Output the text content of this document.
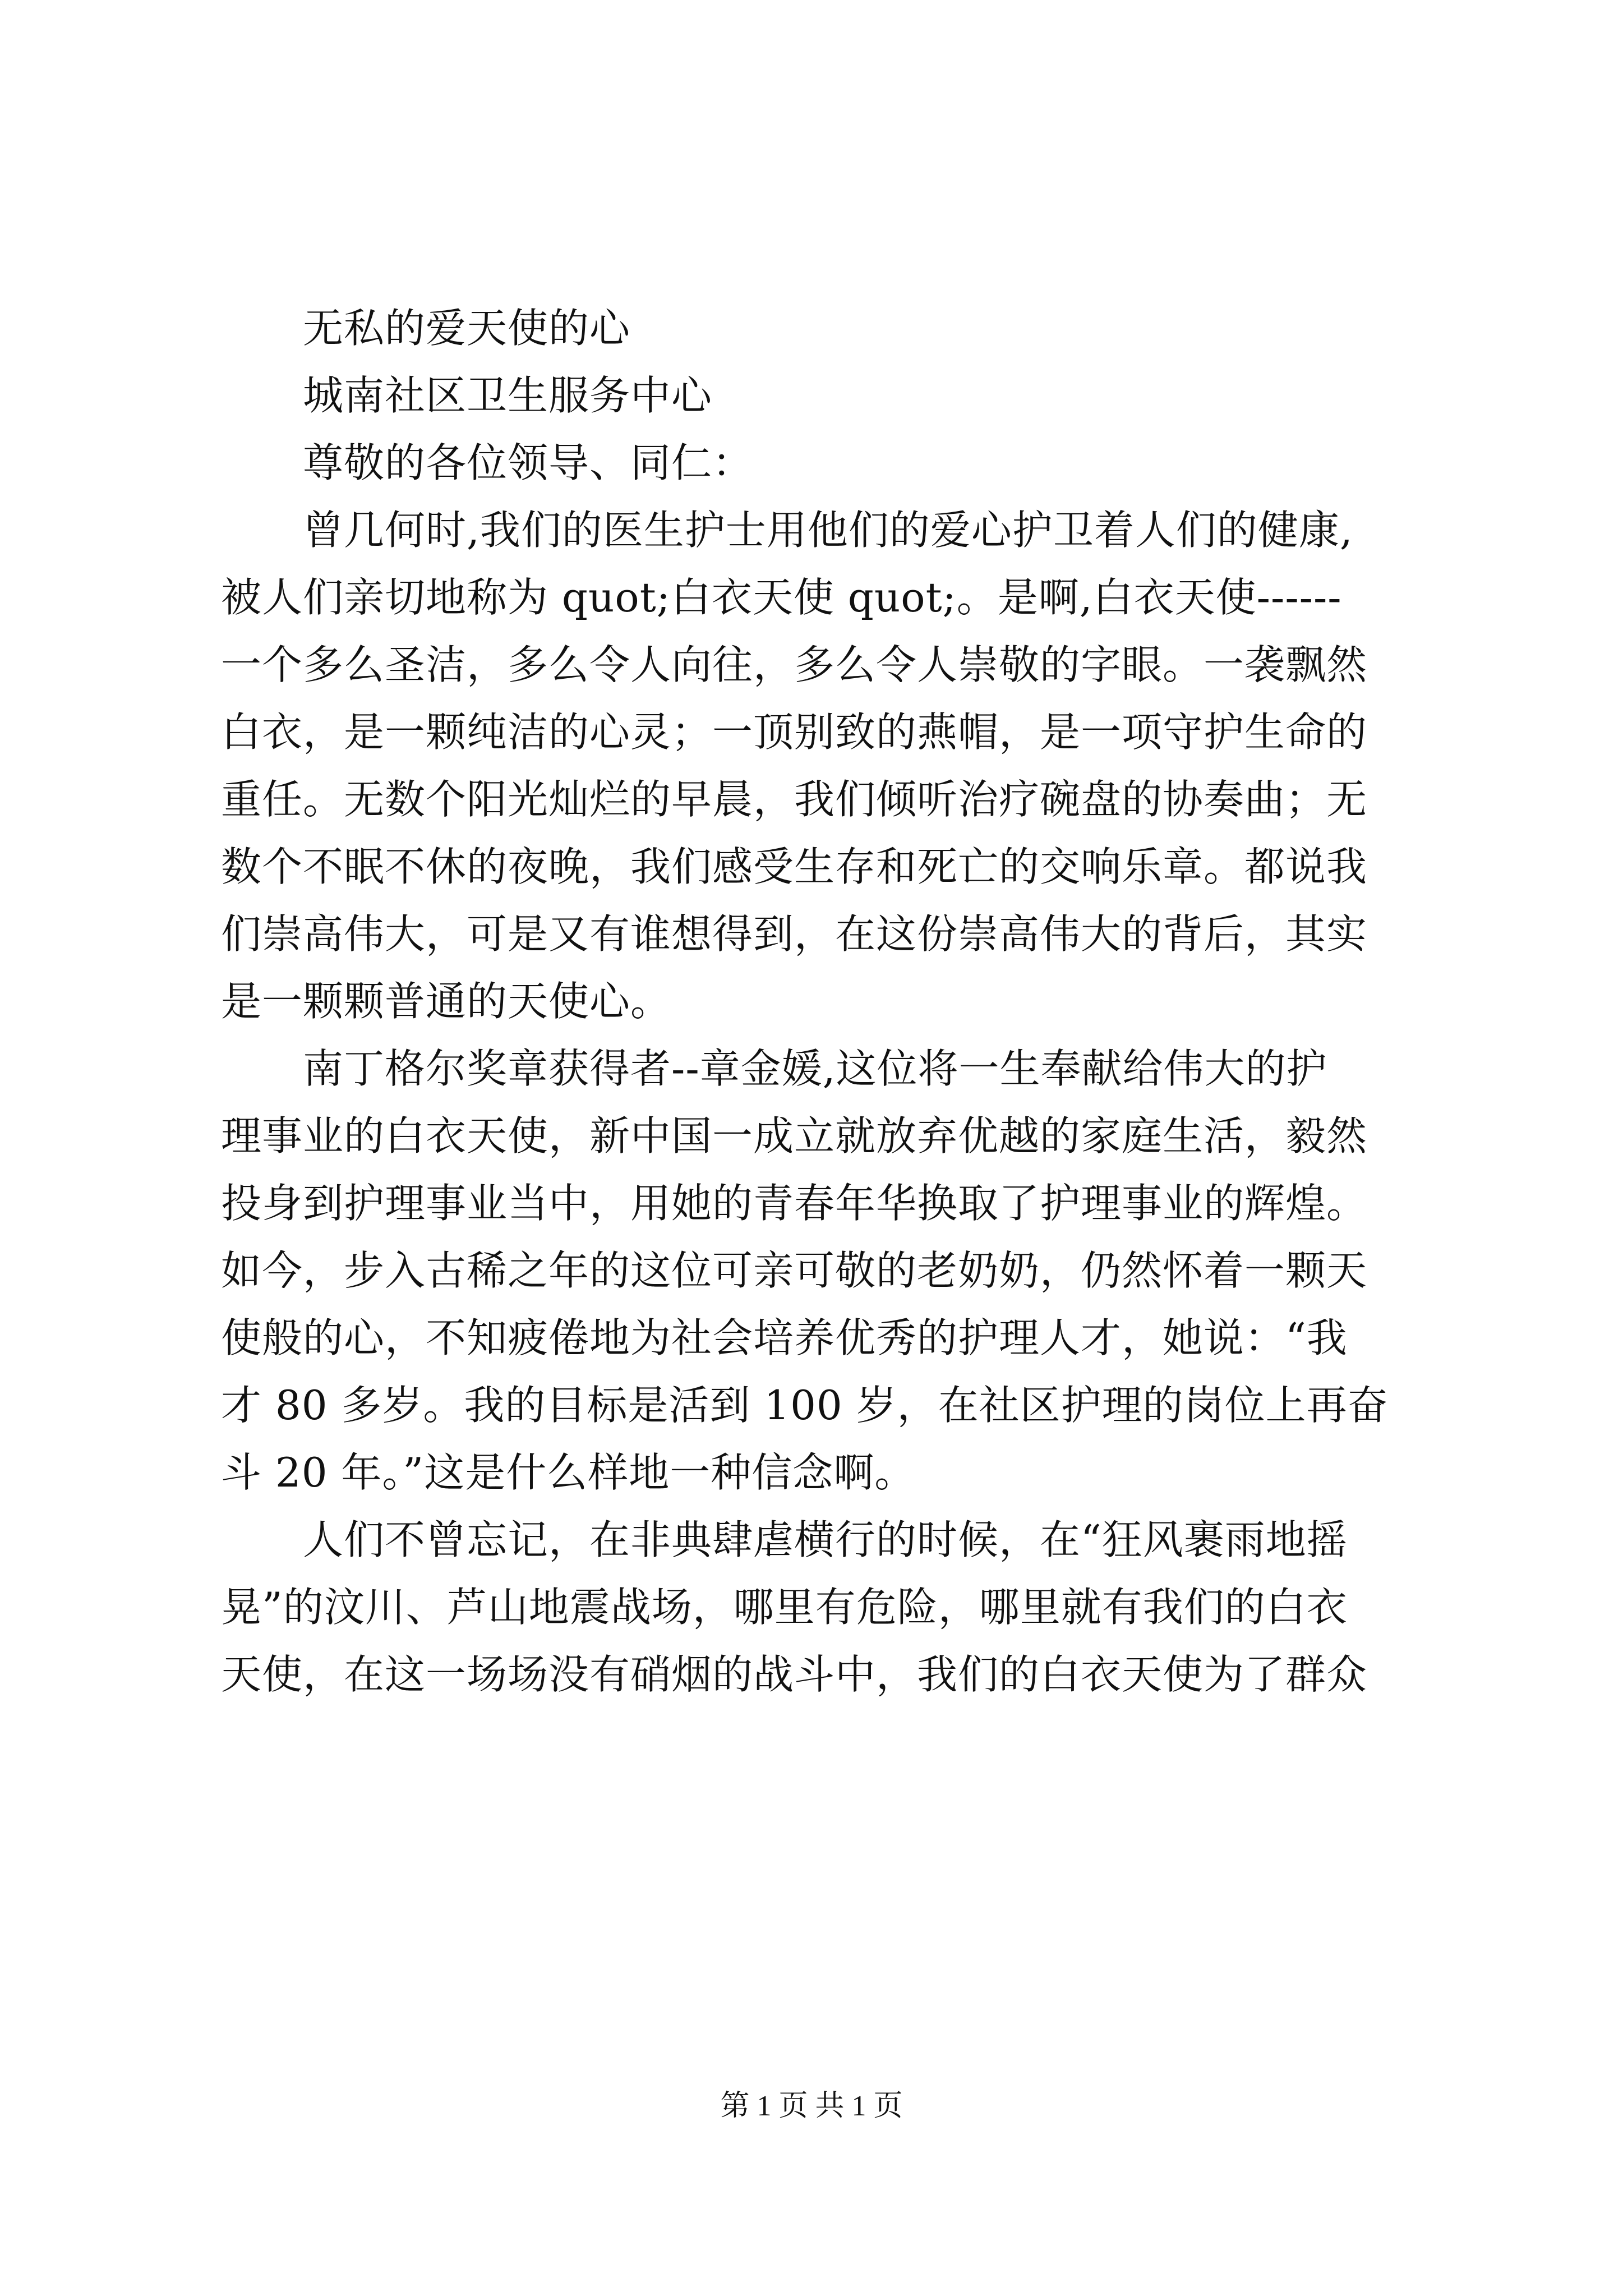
无私的爱天使的心
城南社区卫生服务中心
尊敬的各位领导、同仁：
曾几何时,我们的医生护士用他们的爱心护卫着人们的健康,
被人们亲切地称为 quot;白衣天使 quot;。是啊,白衣天使------
一个多么圣洁，多么令人向往，多么令人崇敬的字眼。一袭飘然
白衣，是一颗纯洁的心灵；一顶别致的燕帽，是一项守护生命的
重任。无数个阳光灿烂的早晨，我们倾听治疗碗盘的协奏曲；无
数个不眠不休的夜晚，我们感受生存和死亡的交响乐章。都说我
们崇高伟大，可是又有谁想得到，在这份崇高伟大的背后，其实
是一颗颗普通的天使心。
南丁格尔奖章获得者--章金媛,这位将一生奉献给伟大的护
理事业的白衣天使，新中国一成立就放弃优越的家庭生活，毅然
投身到护理事业当中，用她的青春年华换取了护理事业的辉煌。
如今，步入古稀之年的这位可亲可敬的老奶奶，仍然怀着一颗天
使般的心，不知疲倦地为社会培养优秀的护理人才，她说：“我
才 80 多岁。我的目标是活到 100 岁，在社区护理的岗位上再奋
斗 20 年。”这是什么样地一种信念啊。
人们不曾忘记，在非典肆虐横行的时候，在“狂风裹雨地摇
晃”的汶川、芦山地震战场，哪里有危险，哪里就有我们的白衣
天使，在这一场场没有硝烟的战斗中，我们的白衣天使为了群众
第 1 页 共 1 页
